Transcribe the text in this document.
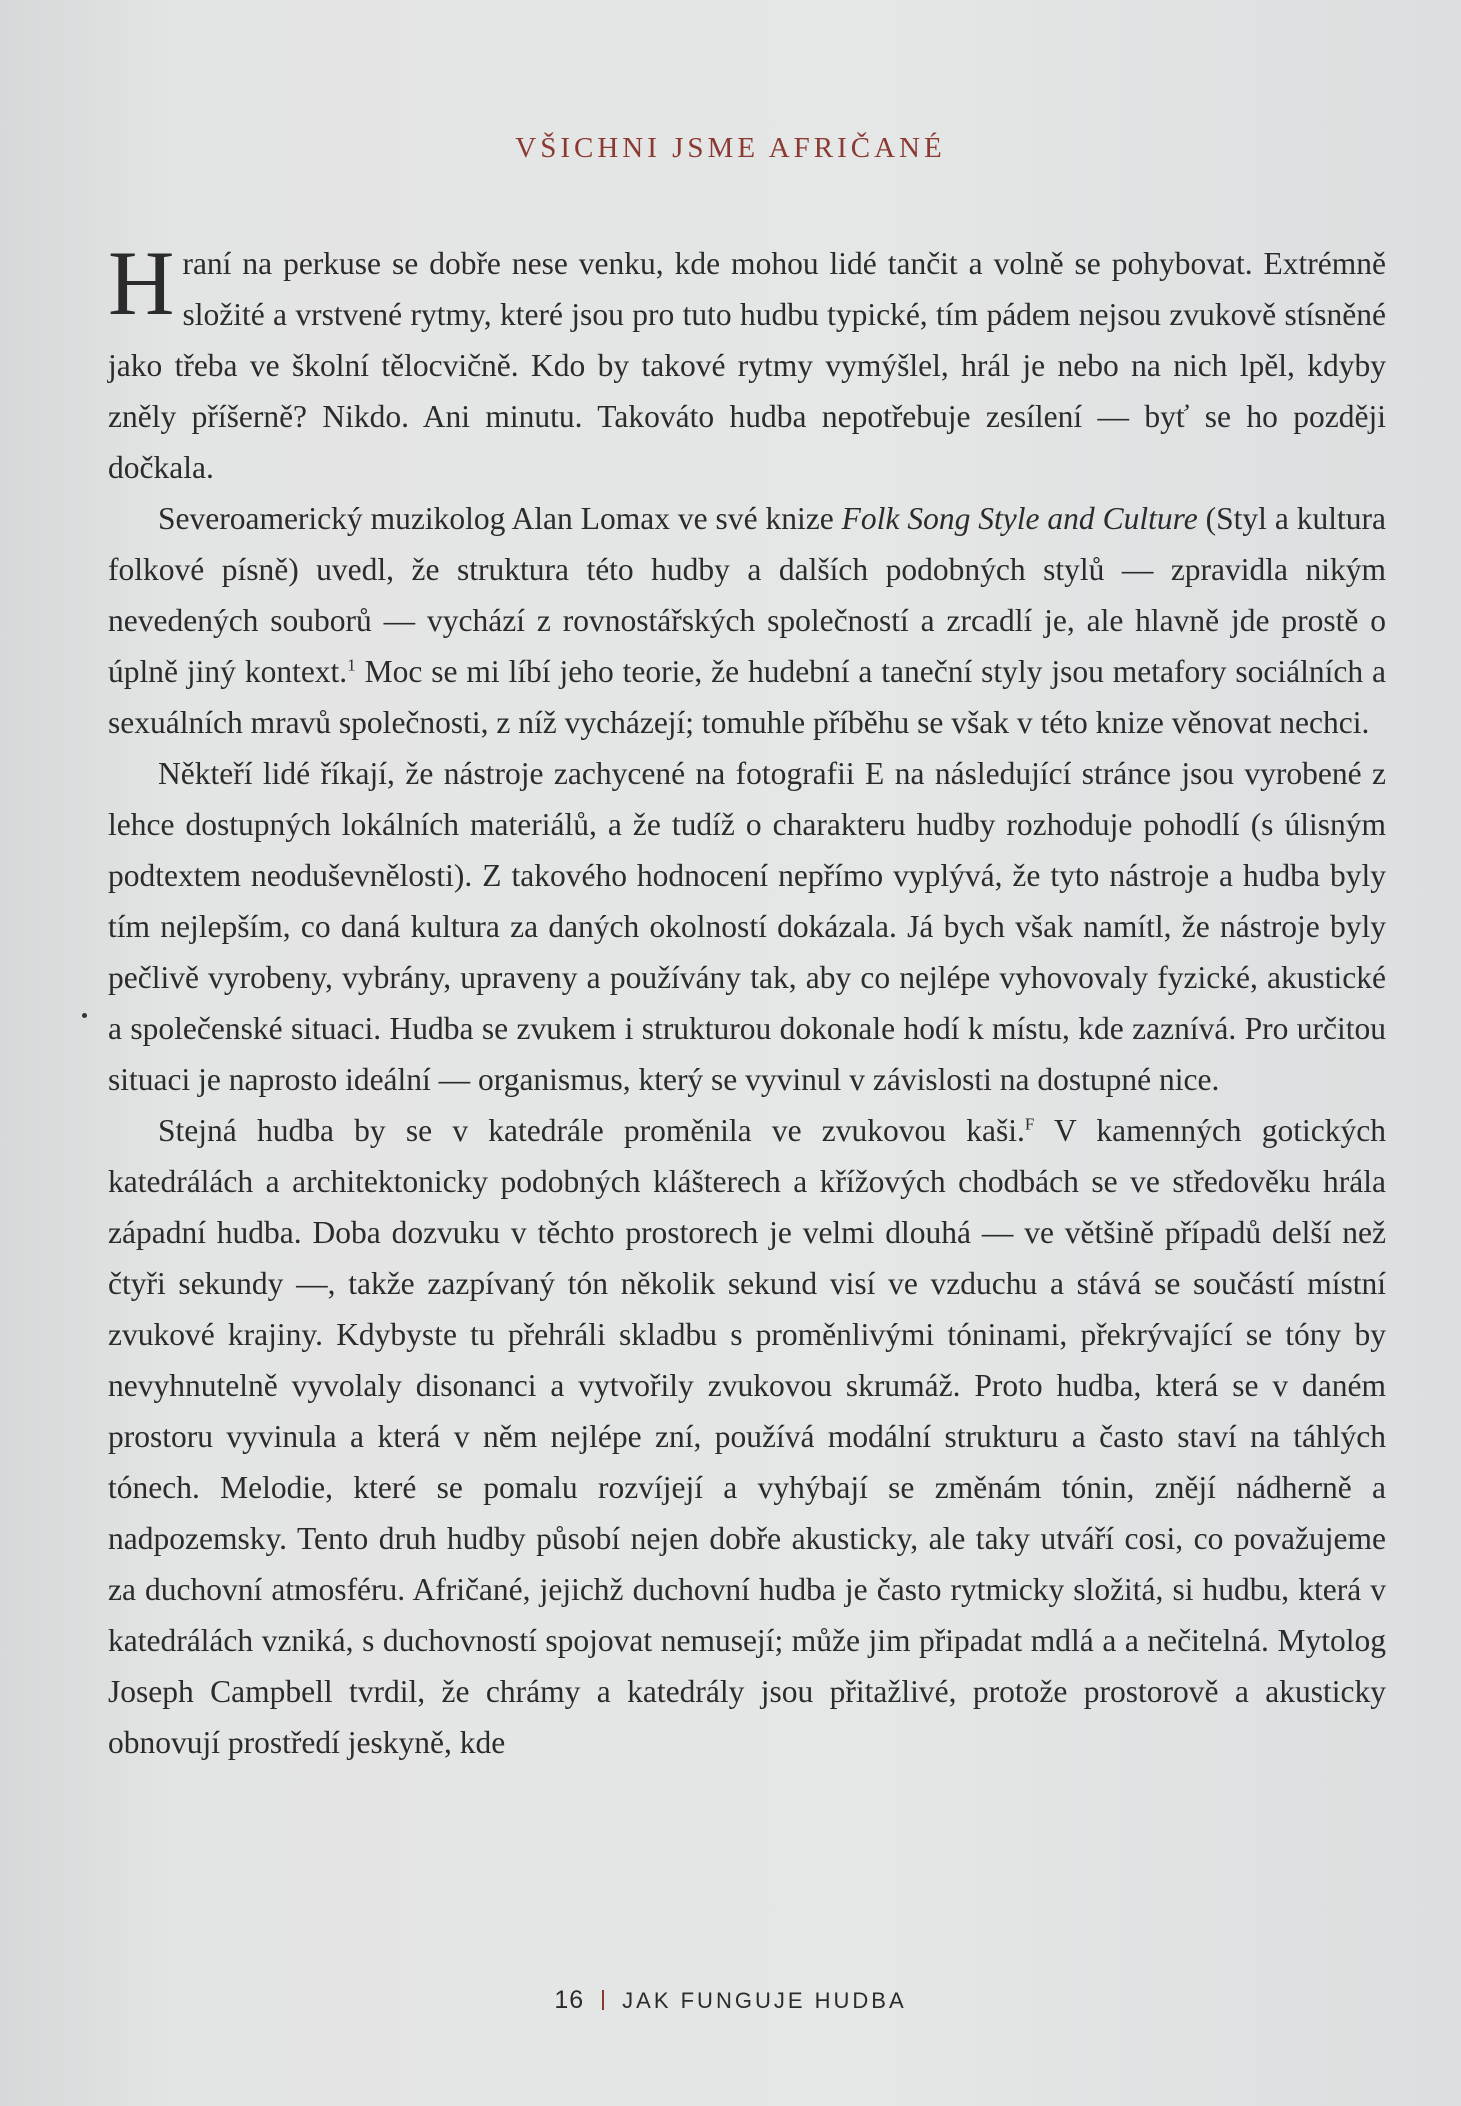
VŠICHNI JSME AFRIČANÉ

Hraní na perkuse se dobře nese venku, kde mohou lidé tančit a volně se pohybovat. Extrémně složité a vrstvené rytmy, které jsou pro tuto hudbu typické, tím pádem nejsou zvukově stísněné jako třeba ve školní tělocvičně. Kdo by takové rytmy vymýšlel, hrál je nebo na nich lpěl, kdyby zněly příšerně? Nikdo. Ani minutu. Takováto hudba nepotřebuje zesílení — byť se ho později dočkala.

Severoamerický muzikolog Alan Lomax ve své knize Folk Song Style and Culture (Styl a kultura folkové písně) uvedl, že struktura této hudby a dalších podobných stylů — zpravidla nikým nevedených souborů — vychází z rovnostářských společností a zrcadlí je, ale hlavně jde prostě o úplně jiný kontext.$^1$ Moc se mi líbí jeho teorie, že hudební a taneční styly jsou metafory sociálních a sexuálních mravů společnosti, z níž vycházejí; tomuhle příběhu se však v této knize věnovat nechci.

Někteří lidé říkají, že nástroje zachycené na fotografii E na následující stránce jsou vyrobené z lehce dostupných lokálních materiálů, a že tudíž o charakteru hudby rozhoduje pohodlí (s úlisným podtextem neoduševnělosti). Z takového hodnocení nepřímo vyplývá, že tyto nástroje a hudba byly tím nejlepším, co daná kultura za daných okolností dokázala. Já bych však namítl, že nástroje byly pečlivě vyrobeny, vybrány, upraveny a používány tak, aby co nejlépe vyhovovaly fyzické, akustické a společenské situaci. Hudba se zvukem i strukturou dokonale hodí k místu, kde zaznívá. Pro určitou situaci je naprosto ideální — organismus, který se vyvinul v závislosti na dostupné nice.

Stejná hudba by se v katedrále proměnila ve zvukovou kaši.$^F$ V kamenných gotických katedrálách a architektonicky podobných klášterech a křížových chodbách se ve středověku hrála západní hudba. Doba dozvuku v těchto prostorech je velmi dlouhá — ve většině případů delší než čtyři sekundy —, takže zazpívaný tón několik sekund visí ve vzduchu a stává se součástí místní zvukové krajiny. Kdybyste tu přehráli skladbu s proměnlivými tóninami, překrývající se tóny by nevyhnutelně vyvolaly disonanci a vytvořily zvukovou skrumáž. Proto hudba, která se v daném prostoru vyvinula a která v něm nejlépe zní, používá modální strukturu a často staví na táhlých tónech. Melodie, které se pomalu rozvíjejí a vyhýbají se změnám tónin, znějí nádherně a nadpozemsky. Tento druh hudby působí nejen dobře akusticky, ale taky utváří cosi, co považujeme za duchovní atmosféru. Afričané, jejichž duchovní hudba je často rytmicky složitá, si hudbu, která v katedrálách vzniká, s duchovností spojovat nemusejí; může jim připadat mdlá a a nečitelná. Mytolog Joseph Campbell tvrdil, že chrámy a katedrály jsou přitažlivé, protože prostorově a akusticky obnovují prostředí jeskyně, kde

16 JAK FUNGUJE HUDBA
